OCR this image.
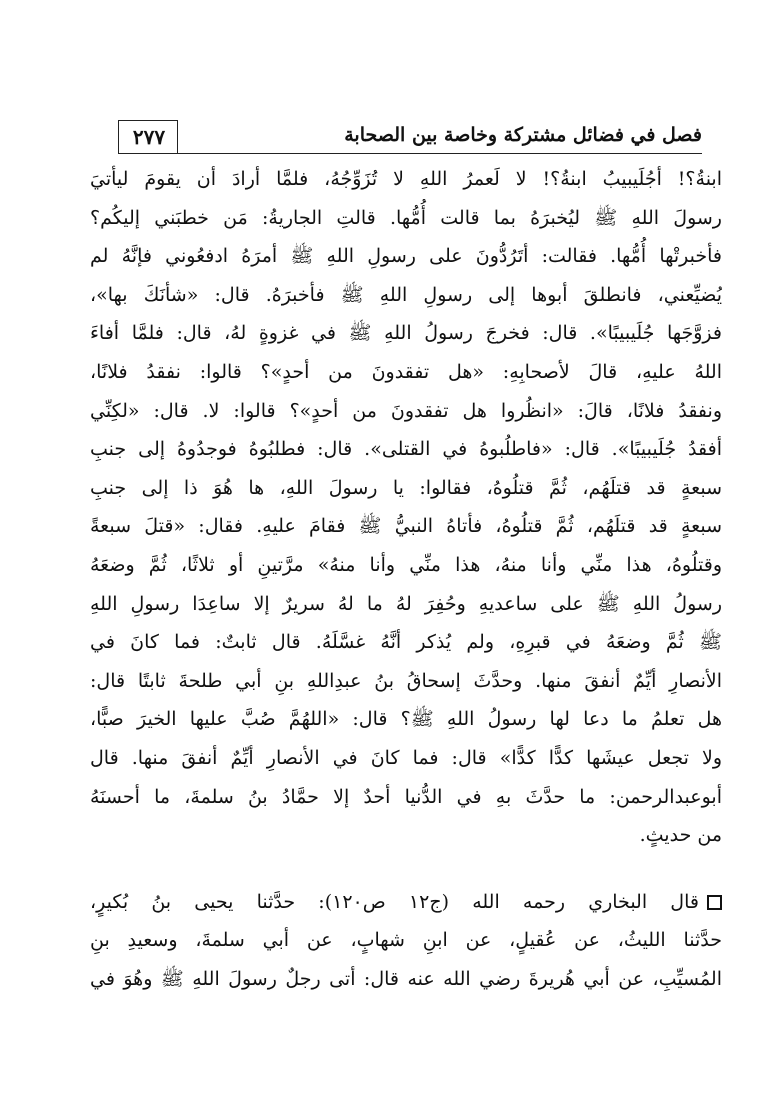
فصل في فضائل مشتركة وخاصة بين الصحابة
٢٧٧
ابنةُ؟! أجُلَيبيبُ ابنةُ؟! لا لَعمرُ اللهِ لا تُزَوِّجُهُ، فلمَّا أرادَ أن يقومَ ليأتيَ
رسولَ اللهِ ﷺ ليُخبرَهُ بما قالت أُمُّها. قالتِ الجاريةُ: مَن خطبَني إليكُم؟
فأخبرتْها أُمُّها. فقالت: أتَرُدُّونَ على رسولِ اللهِ ﷺ أمرَهُ ادفعُوني فإنَّهُ لم
يُضيِّعني، فانطلقَ أبوها إلى رسولِ اللهِ ﷺ فأخبرَهُ. قال: «شأنَكَ بها»،
فزوَّجَها جُلَيبيبًا». قال: فخرجَ رسولُ اللهِ ﷺ في غزوةٍ لهُ، قال: فلمَّا أفاءَ
اللهُ عليهِ، قالَ لأصحابِهِ: «هل تفقدونَ من أحدٍ»؟ قالوا: نفقدُ فلانًا،
ونفقدُ فلانًا، قالَ: «انظُروا هل تفقدونَ من أحدٍ»؟ قالوا: لا. قال: «لكِنِّي
أفقدُ جُلَيبيبًا». قال: «فاطلُبوهُ في القتلى». قال: فطلبُوهُ فوجدُوهُ إلى جنبِ
سبعةٍ قد قتلَهُم، ثُمَّ قتلُوهُ، فقالوا: يا رسولَ اللهِ، ها هُوَ ذا إلى جنبِ
سبعةٍ قد قتلَهُم، ثُمَّ قتلُوهُ، فأتاهُ النبيُّ ﷺ فقامَ عليهِ. فقال: «قتلَ سبعةً
وقتلُوهُ، هذا منِّي وأنا منهُ، هذا منِّي وأنا منهُ» مرَّتينِ أو ثلاثًا، ثُمَّ وضعَهُ
رسولُ اللهِ ﷺ على ساعديهِ وحُفِرَ لهُ ما لهُ سريرٌ إلا ساعِدَا رسولِ اللهِ
ﷺ ثُمَّ وضعَهُ في قبرِهِ، ولم يُذكر أنَّهُ غسَّلَهُ. قال ثابتٌ: فما كانَ في
الأنصارِ أيِّمٌ أنفقَ منها. وحدَّثَ إسحاقُ بنُ عبدِاللهِ بنِ أبي طلحةَ ثابتًا قال:
هل تعلمُ ما دعا لها رسولُ اللهِ ﷺ؟ قال: «اللهُمَّ صُبَّ عليها الخيرَ صبًّا،
ولا تجعل عيشَها كدًّا كدًّا» قال: فما كانَ في الأنصارِ أيِّمٌ أنفقَ منها. قال
أبوعبدالرحمن: ما حدَّثَ بهِ في الدُّنيا أحدٌ إلا حمَّادُ بنُ سلمةَ، ما أحسنَهُ
من حديثٍ.
قال البخاري رحمه الله (ج١٢ ص١٢٠): حدَّثنا يحيى بنُ بُكيرٍ،
حدَّثنا الليثُ، عن عُقيلٍ، عن ابنِ شهابٍ، عن أبي سلمةَ، وسعيدِ بنِ
المُسيِّبِ، عن أبي هُريرةَ رضي الله عنه قال: أتى رجلٌ رسولَ اللهِ ﷺ وهُوَ في
